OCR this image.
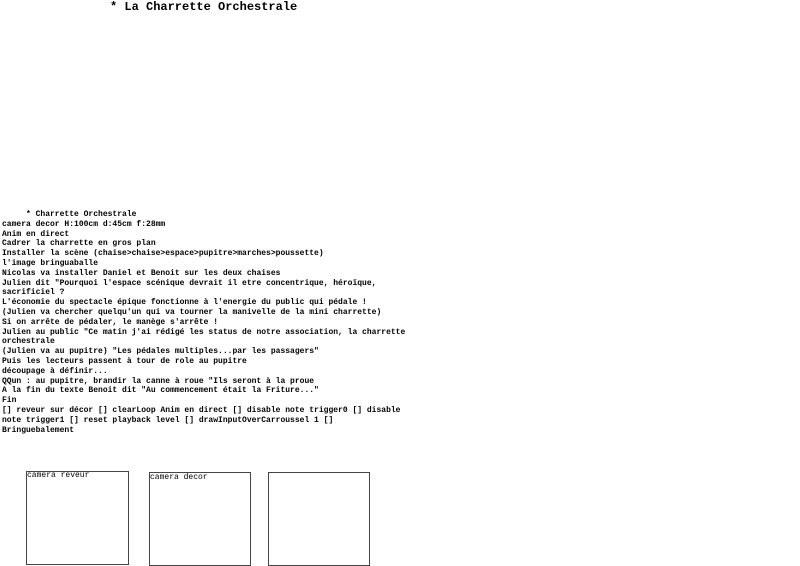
* La Charrette Orchestrale
* Charrette Orchestrale
camera decor H:100cm d:45cm f:28mm
Anim en direct
Cadrer la charrette en gros plan
Installer la scène (chaise>chaise>espace>pupitre>marches>poussette)
l'image bringuaballe
Nicolas va installer Daniel et Benoit sur les deux chaises
Julien dit "Pourquoi l'espace scénique devrait il etre concentrique, héroïque, sacrificiel ?
L'économie du spectacle épique fonctionne à l'energie du public qui pédale !
(Julien va chercher quelqu'un qui va tourner la manivelle de la mini charrette)
Si on arrête de pédaler, le manège s'arrête !
Julien au public "Ce matin j'ai rédigé les status de notre association, la charrette orchestrale
(Julien va au pupitre) "Les pédales multiples...par les passagers"
Puis les lecteurs passent à tour de role au pupitre
découpage à définir...
QQun : au pupitre, brandir la canne à roue "Ils seront à la proue
A la fin du texte Benoit dit "Au commencement était la Friture..."
Fin
[] reveur sur décor [] clearLoop Anim en direct [] disable note trigger0 [] disable note trigger1 [] reset playback level [] drawInputOverCarroussel 1 []
Bringuebalement
camera reveur	camera decor
